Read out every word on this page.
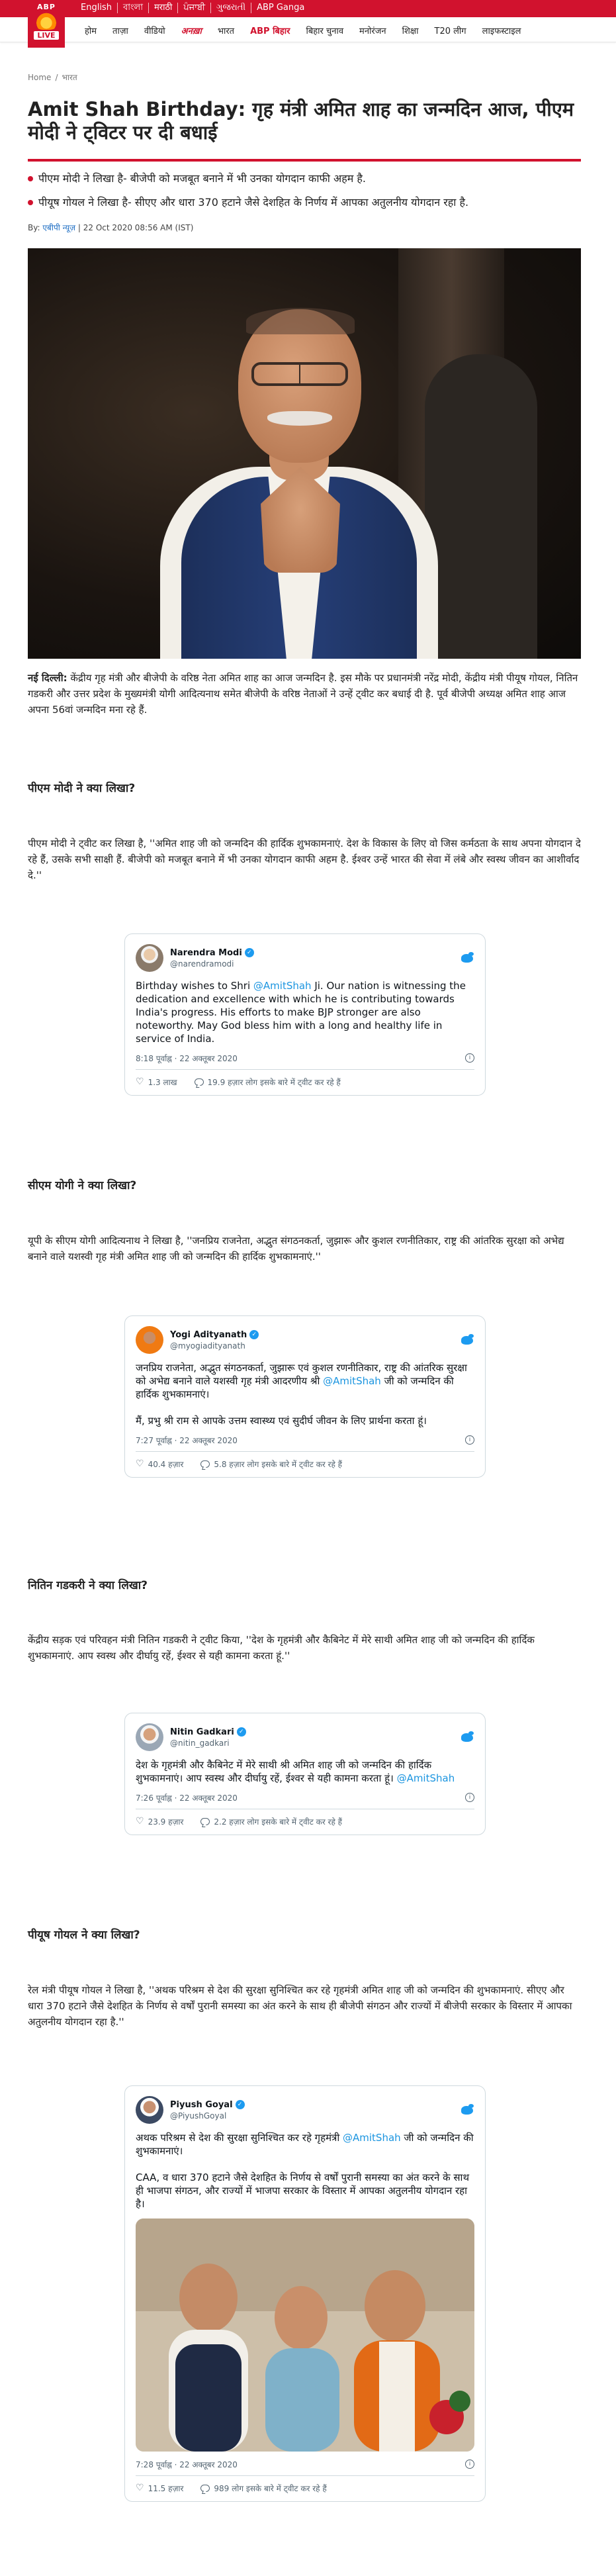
English	বাংলা	मराठी	ਪੰਜਾਬੀ	ગુજરાતી	ABP Ganga
ABP
LIVE	होम ताज़ा वीडियो अनख़ा भारत ABP बिहार बिहार चुनाव मनोरंजन शिक्षा T20 लीग लाइफस्टाइल
Home / भारत
Amit Shah Birthday: गृह मंत्री अमित शाह का जन्मदिन आज, पीएम मोदी ने ट्विटर पर दी बधाई
पीएम मोदी ने लिखा है- बीजेपी को मजबूत बनाने में भी उनका योगदान काफी अहम है.
पीयूष गोयल ने लिखा है- सीएए और धारा 370 हटाने जैसे देशहित के निर्णय में आपका अतुलनीय योगदान रहा है.
By: एबीपी न्यूज़ | 22 Oct 2020 08:56 AM (IST)

नई दिल्ली: केंद्रीय गृह मंत्री और बीजेपी के वरिष्ठ नेता अमित शाह का आज जन्मदिन है. इस मौके पर प्रधानमंत्री नरेंद्र मोदी, केंद्रीय मंत्री पीयूष गोयल, नितिन गडकरी और उत्तर प्रदेश के मुख्यमंत्री योगी आदित्यनाथ समेत बीजेपी के वरिष्ठ नेताओं ने उन्हें ट्वीट कर बधाई दी है. पूर्व बीजेपी अध्यक्ष अमित शाह आज अपना 56वां जन्मदिन मना रहे हैं.

पीएम मोदी ने क्या लिखा?

पीएम मोदी ने ट्वीट कर लिखा है, ''अमित शाह जी को जन्मदिन की हार्दिक शुभकामनाएं. देश के विकास के लिए वो जिस कर्मठता के साथ अपना योगदान दे रहे हैं, उसके सभी साक्षी हैं. बीजेपी को मजबूत बनाने में भी उनका योगदान काफी अहम है. ईश्वर उन्हें भारत की सेवा में लंबे और स्वस्थ जीवन का आशीर्वाद दे.''

Narendra Modi ✓
@narendramodi
Birthday wishes to Shri @AmitShah Ji. Our nation is witnessing the dedication and excellence with which he is contributing towards India's progress. His efforts to make BJP stronger are also noteworthy. May God bless him with a long and healthy life in service of India.
8:18 पूर्वाह्न · 22 अक्तूबर 2020	i
♡ 1.3 लाख	19.9 हज़ार लोग इसके बारे में ट्वीट कर रहे हैं
सीएम योगी ने क्या लिखा?

यूपी के सीएम योगी आदित्यनाथ ने लिखा है, ''जनप्रिय राजनेता, अद्भुत संगठनकर्ता, जुझारू और कुशल रणनीतिकार, राष्ट्र की आंतरिक सुरक्षा को अभेद्य बनाने वाले यशस्वी गृह मंत्री अमित शाह जी को जन्मदिन की हार्दिक शुभकामनाएं.''

Yogi Adityanath ✓
@myogiadityanath
जनप्रिय राजनेता, अद्भुत संगठनकर्ता, जुझारू एवं कुशल रणनीतिकार, राष्ट्र की आंतरिक सुरक्षा को अभेद्य बनाने वाले यशस्वी गृह मंत्री आदरणीय श्री @AmitShah जी को जन्मदिन की हार्दिक शुभकामनाएं।

मैं, प्रभु श्री राम से आपके उत्तम स्वास्थ्य एवं सुदीर्घ जीवन के लिए प्रार्थना करता हूं।
7:27 पूर्वाह्न · 22 अक्तूबर 2020	i
♡ 40.4 हज़ार	5.8 हज़ार लोग इसके बारे में ट्वीट कर रहे हैं
नितिन गडकरी ने क्या लिखा?

केंद्रीय सड़क एवं परिवहन मंत्री नितिन गडकरी ने ट्वीट किया, ''देश के गृहमंत्री और कैबिनेट में मेरे साथी अमित शाह जी को जन्मदिन की हार्दिक शुभकामनाएं. आप स्वस्थ और दीर्घायु रहें, ईश्वर से यही कामना करता हूं.''

Nitin Gadkari ✓
@nitin_gadkari
देश के गृहमंत्री और कैबिनेट में मेरे साथी श्री अमित शाह जी को जन्मदिन की हार्दिक शुभकामनाएं। आप स्वस्थ और दीर्घायु रहें, ईश्वर से यही कामना करता हूं। @AmitShah
7:26 पूर्वाह्न · 22 अक्तूबर 2020	i
♡ 23.9 हज़ार	2.2 हज़ार लोग इसके बारे में ट्वीट कर रहे हैं
पीयूष गोयल ने क्या लिखा?

रेल मंत्री पीयूष गोयल ने लिखा है, ''अथक परिश्रम से देश की सुरक्षा सुनिश्चित कर रहे गृहमंत्री अमित शाह जी को जन्मदिन की शुभकामनाएं. सीएए और धारा 370 हटाने जैसे देशहित के निर्णय से वर्षों पुरानी समस्या का अंत करने के साथ ही बीजेपी संगठन और राज्यों में बीजेपी सरकार के विस्तार में आपका अतुलनीय योगदान रहा है.''

Piyush Goyal ✓
@PiyushGoyal
अथक परिश्रम से देश की सुरक्षा सुनिश्चित कर रहे गृहमंत्री @AmitShah जी को जन्मदिन की शुभकामनाएं।

CAA, व धारा 370 हटाने जैसे देशहित के निर्णय से वर्षों पुरानी समस्या का अंत करने के साथ ही भाजपा संगठन, और राज्यों में भाजपा सरकार के विस्तार में आपका अतुलनीय योगदान रहा है।
7:28 पूर्वाह्न · 22 अक्तूबर 2020	i
♡ 11.5 हज़ार	989 लोग इसके बारे में ट्वीट कर रहे हैं
